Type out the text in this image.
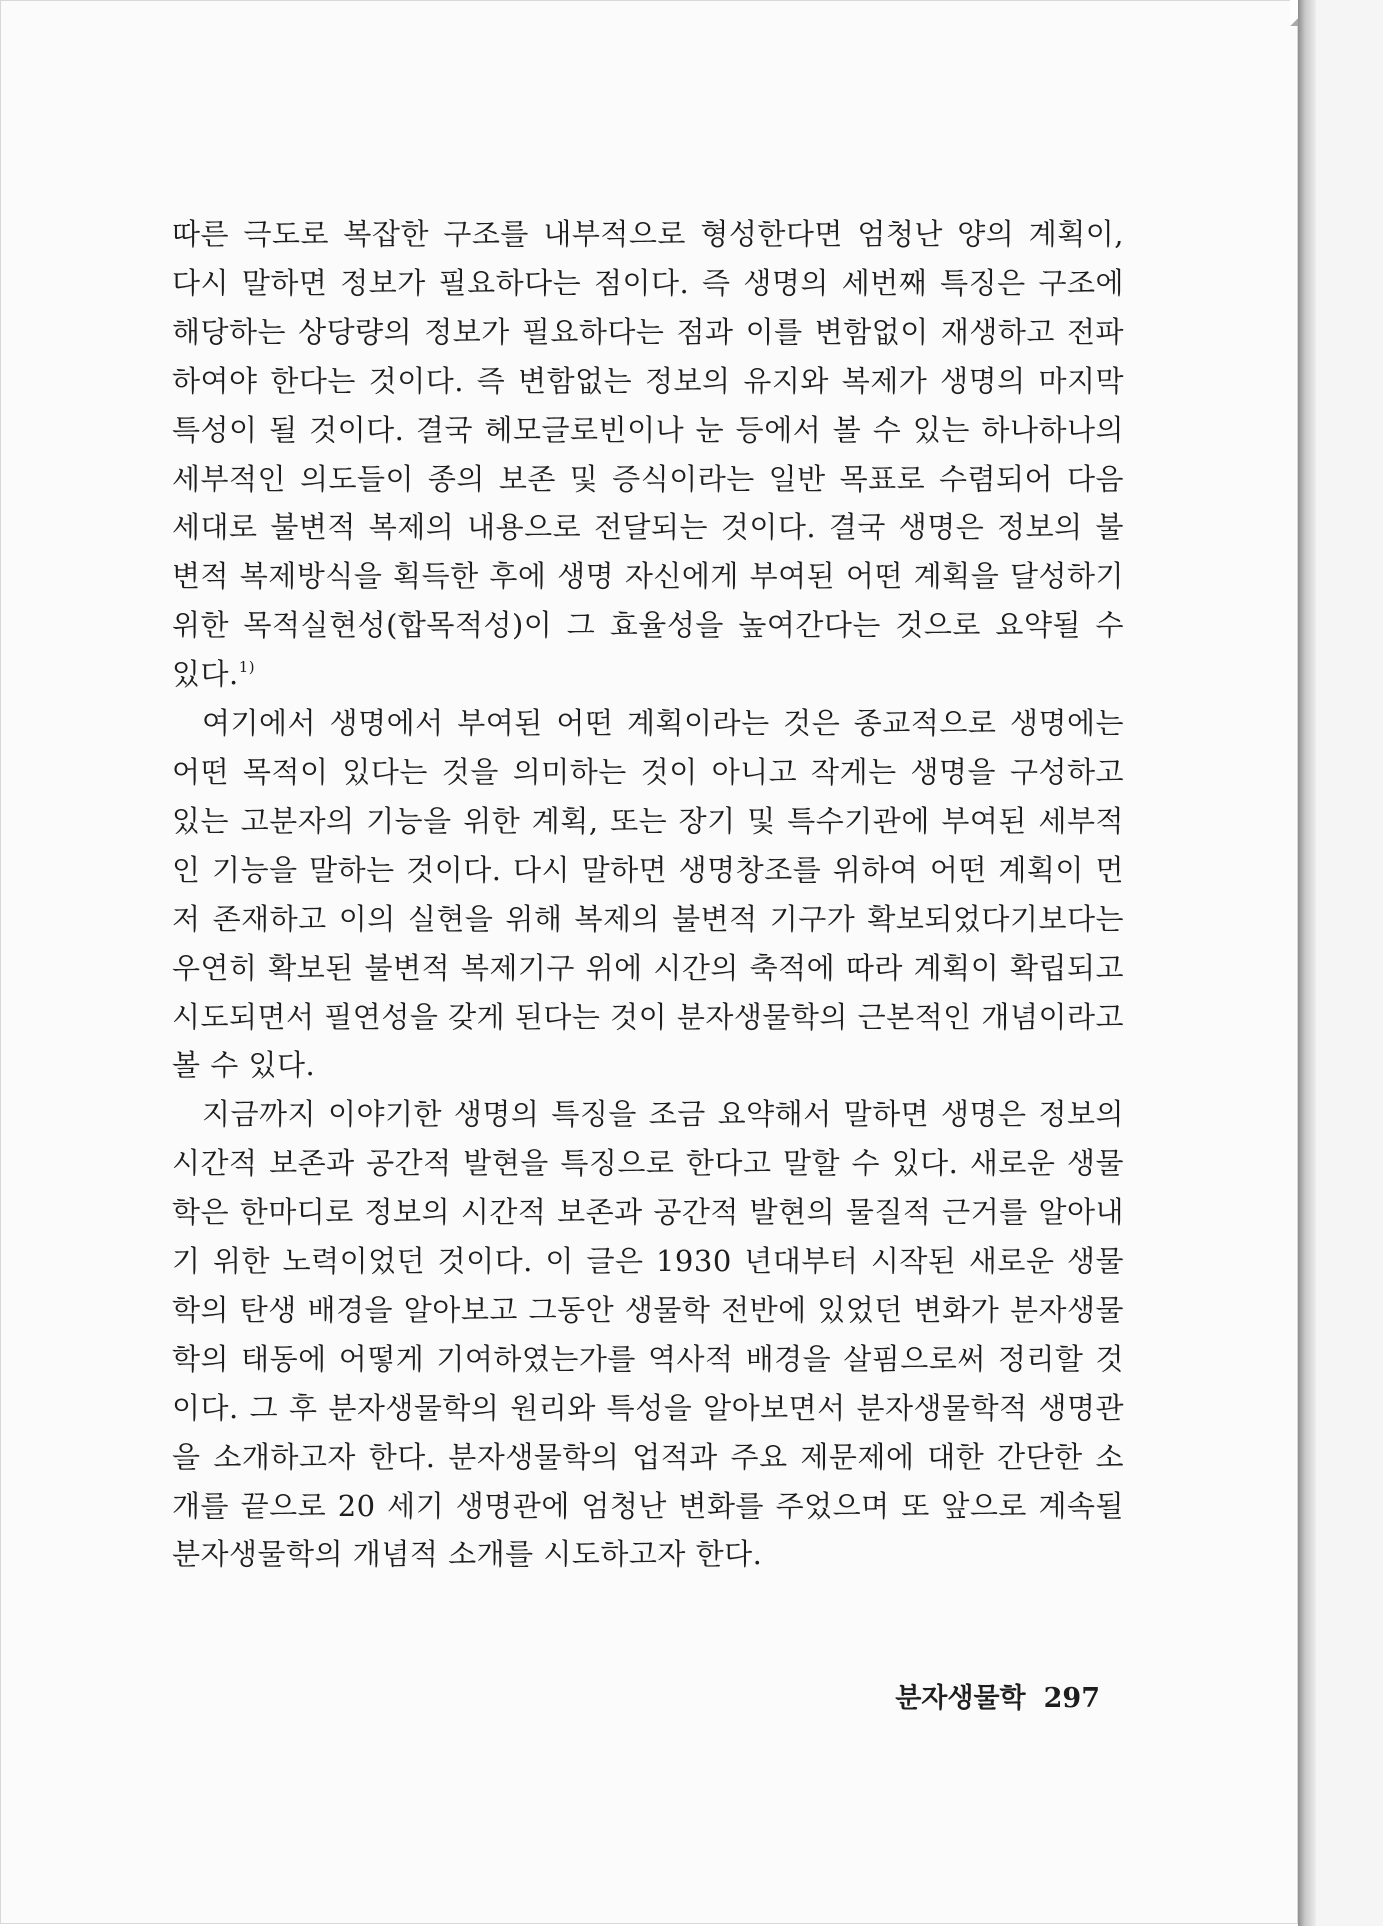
따른 극도로 복잡한 구조를 내부적으로 형성한다면 엄청난 양의 계획이, 다시 말하면 정보가 필요하다는 점이다. 즉 생명의 세번째 특징은 구조에 해당하는 상당량의 정보가 필요하다는 점과 이를 변함없이 재생하고 전파하여야 한다는 것이다. 즉 변함없는 정보의 유지와 복제가 생명의 마지막 특성이 될 것이다. 결국 헤모글로빈이나 눈 등에서 볼 수 있는 하나하나의 세부적인 의도들이 종의 보존 및 증식이라는 일반 목표로 수렴되어 다음 세대로 불변적 복제의 내용으로 전달되는 것이다. 결국 생명은 정보의 불변적 복제방식을 획득한 후에 생명 자신에게 부여된 어떤 계획을 달성하기 위한 목적실현성(합목적성)이 그 효율성을 높여간다는 것으로 요약될 수 있다.$^{1)}$

여기에서 생명에서 부여된 어떤 계획이라는 것은 종교적으로 생명에는 어떤 목적이 있다는 것을 의미하는 것이 아니고 작게는 생명을 구성하고 있는 고분자의 기능을 위한 계획, 또는 장기 및 특수기관에 부여된 세부적인 기능을 말하는 것이다. 다시 말하면 생명창조를 위하여 어떤 계획이 먼저 존재하고 이의 실현을 위해 복제의 불변적 기구가 확보되었다기보다는 우연히 확보된 불변적 복제기구 위에 시간의 축적에 따라 계획이 확립되고 시도되면서 필연성을 갖게 된다는 것이 분자생물학의 근본적인 개념이라고 볼 수 있다.

지금까지 이야기한 생명의 특징을 조금 요약해서 말하면 생명은 정보의 시간적 보존과 공간적 발현을 특징으로 한다고 말할 수 있다. 새로운 생물학은 한마디로 정보의 시간적 보존과 공간적 발현의 물질적 근거를 알아내기 위한 노력이었던 것이다. 이 글은 1930 년대부터 시작된 새로운 생물학의 탄생 배경을 알아보고 그동안 생물학 전반에 있었던 변화가 분자생물학의 태동에 어떻게 기여하였는가를 역사적 배경을 살핌으로써 정리할 것이다. 그 후 분자생물학의 원리와 특성을 알아보면서 분자생물학적 생명관을 소개하고자 한다. 분자생물학의 업적과 주요 제문제에 대한 간단한 소개를 끝으로 20 세기 생명관에 엄청난 변화를 주었으며 또 앞으로 계속될 분자생물학의 개념적 소개를 시도하고자 한다.

분자생물학 297
